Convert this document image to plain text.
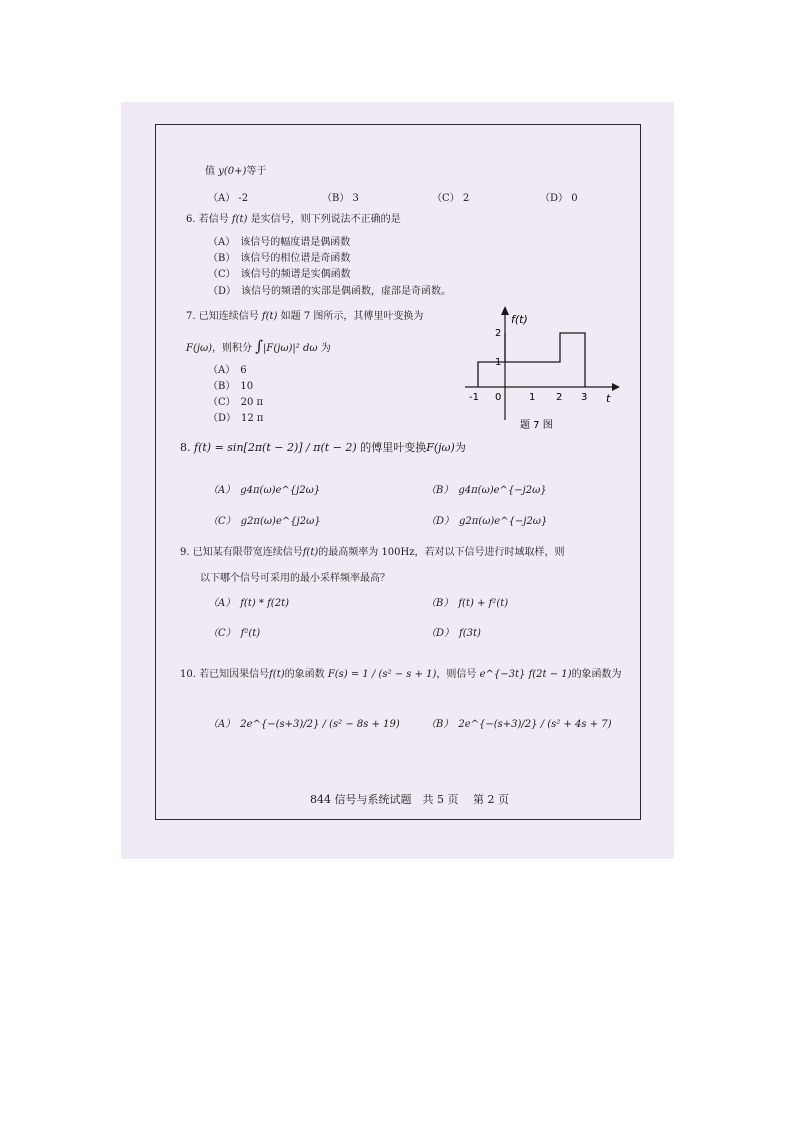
值 y(0+)等于
（A） -2	（B） 3	（C） 2	（D） 0
6. 若信号 f(t) 是实信号，则下列说法不正确的是
（A）　该信号的幅度谱是偶函数
（B）　该信号的相位谱是奇函数
（C）　该信号的频谱是实偶函数
（D）　该信号的频谱的实部是偶函数，虚部是奇函数。
7. 已知连续信号 f(t) 如题 7 图所示，其傅里叶变换为
F(jω)，则积分 ∫|F(jω)|² dω 为
（A）　6
（B）　10
（C）　20 π
（D）　12 π
f(t)
t
-1 0	1 2 3
1
2
题 7 图
8. f(t) = sin[2π(t − 2)] / π(t − 2) 的傅里叶变换F(jω)为
（A）　g4π(ω)e^{j2ω}	（B）　g4π(ω)e^{−j2ω}
（C）　g2π(ω)e^{j2ω}	（D）　g2π(ω)e^{−j2ω}
9. 已知某有限带宽连续信号f(t)的最高频率为 100Hz，若对以下信号进行时域取样，则
以下哪个信号可采用的最小采样频率最高？
（A）　f(t) * f(2t)	（B）　f(t) + f²(t)
（C）　f²(t)	（D）　f(3t)
10. 若已知因果信号f(t)的象函数 F(s) = 1 / (s² − s + 1)，则信号 e^{−3t} f(2t − 1)的象函数为
（A）　2e^{−(s+3)/2} / (s² − 8s + 19)	（B）　2e^{−(s+3)/2} / (s² + 4s + 7)
844 信号与系统试题　共 5 页　 第 2 页
